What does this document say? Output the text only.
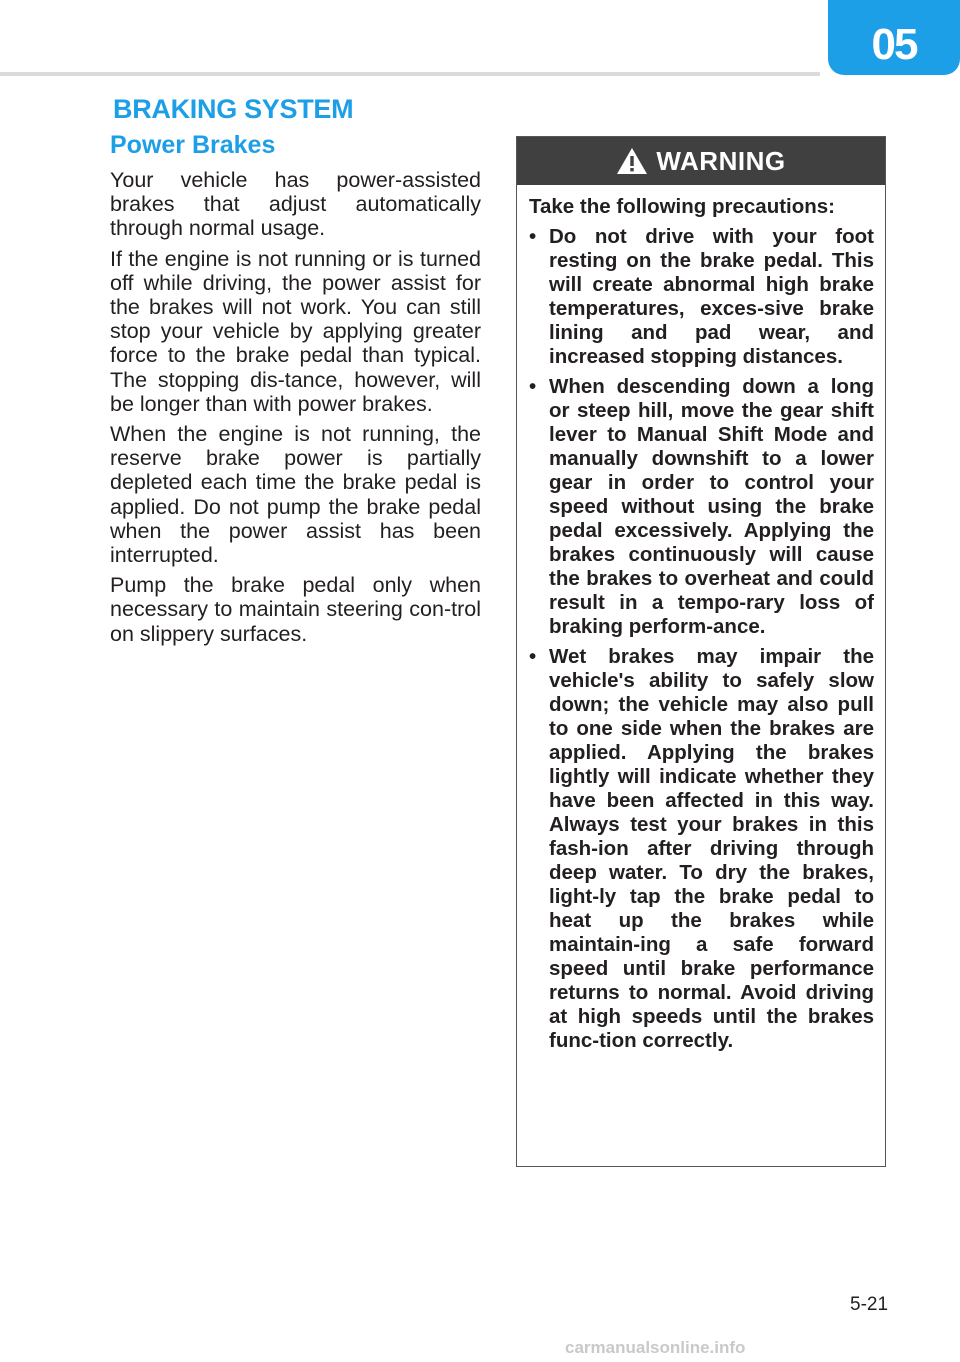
05
BRAKING SYSTEM
Power Brakes

Your vehicle has power-assisted brakes that adjust automatically through normal usage.

If the engine is not running or is turned off while driving, the power assist for the brakes will not work. You can still stop your vehicle by applying greater force to the brake pedal than typical. The stopping dis-tance, however, will be longer than with power brakes.

When the engine is not running, the reserve brake power is partially depleted each time the brake pedal is applied. Do not pump the brake pedal when the power assist has been interrupted.

Pump the brake pedal only when necessary to maintain steering con-trol on slippery surfaces.

WARNING

Take the following precautions:

• Do not drive with your foot resting on the brake pedal. This will create abnormal high brake temperatures, exces-sive brake lining and pad wear, and increased stopping distances.
• When descending down a long or steep hill, move the gear shift lever to Manual Shift Mode and manually downshift to a lower gear in order to control your speed without using the brake pedal excessively. Applying the brakes continuously will cause the brakes to overheat and could result in a tempo-rary loss of braking perform-ance.
• Wet brakes may impair the vehicle's ability to safely slow down; the vehicle may also pull to one side when the brakes are applied. Applying the brakes lightly will indicate whether they have been affected in this way. Always test your brakes in this fash-ion after driving through deep water. To dry the brakes, light-ly tap the brake pedal to heat up the brakes while maintain-ing a safe forward speed until brake performance returns to normal. Avoid driving at high speeds until the brakes func-tion correctly.
5-21
carmanualsonline.info
